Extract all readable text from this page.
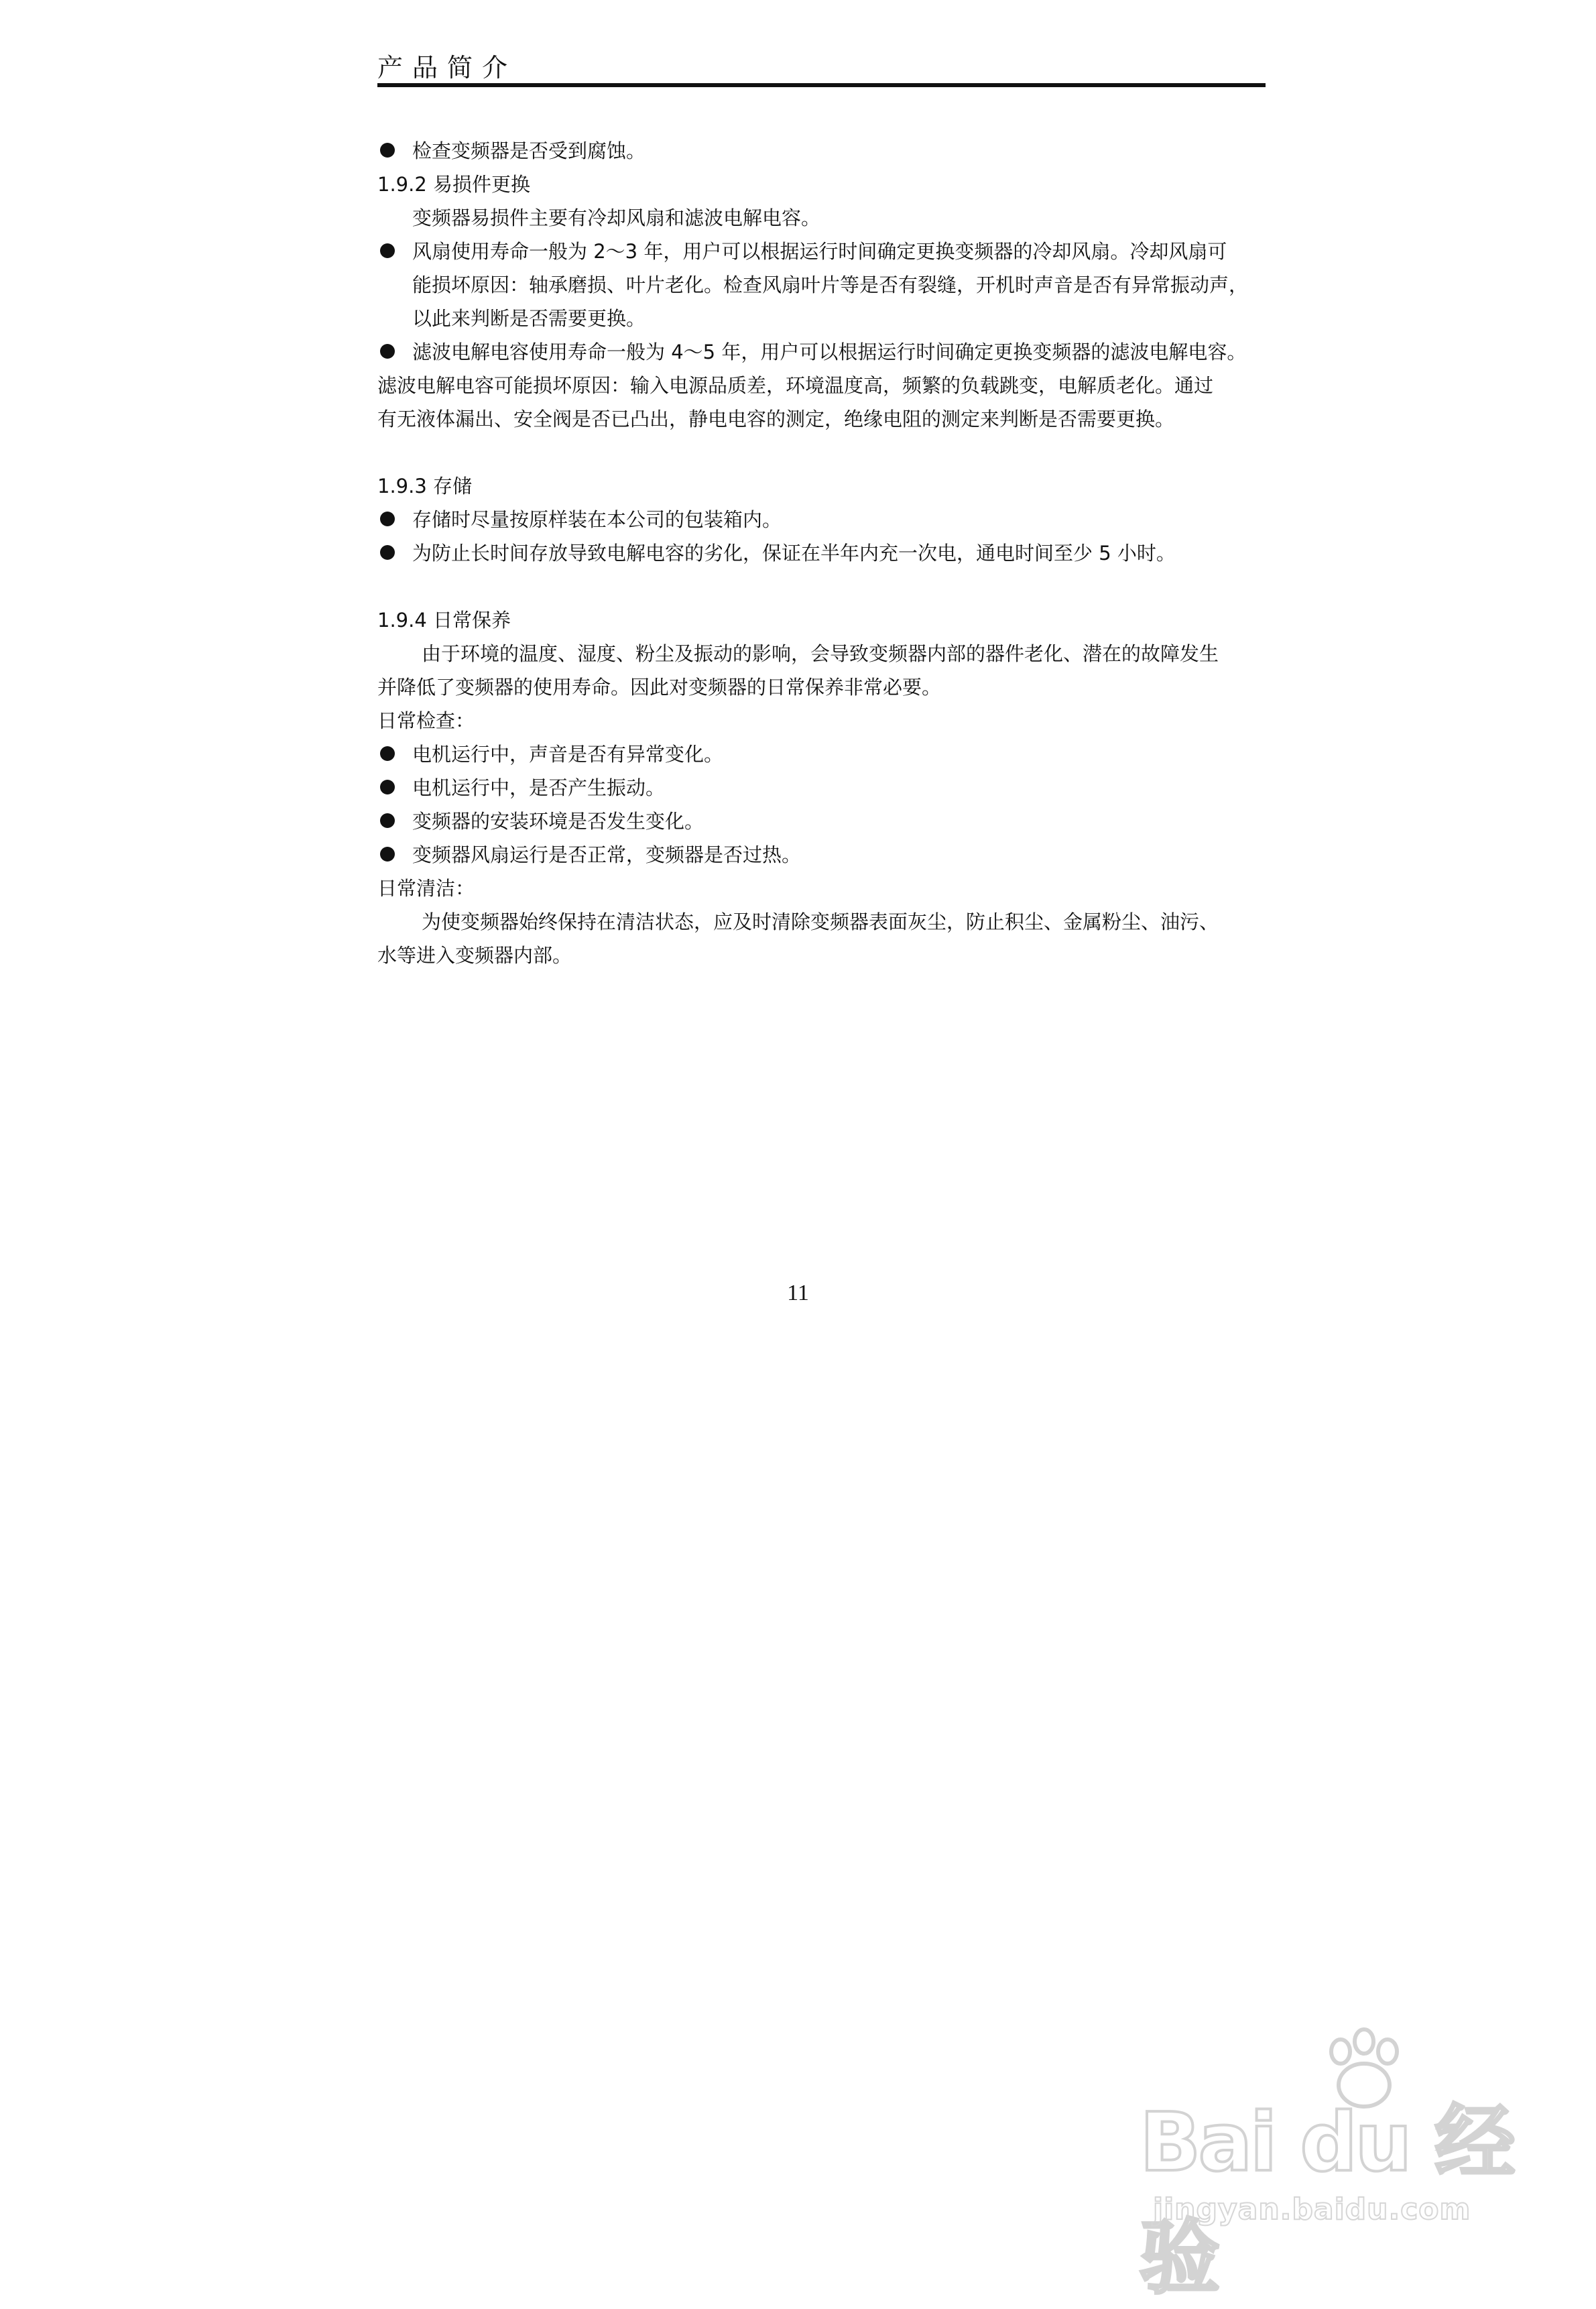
产品简介
检查变频器是否受到腐蚀。
1.9.2 易损件更换
变频器易损件主要有冷却风扇和滤波电解电容。
风扇使用寿命一般为 2～3 年，用户可以根据运行时间确定更换变频器的冷却风扇。冷却风扇可
能损坏原因：轴承磨损、叶片老化。检查风扇叶片等是否有裂缝，开机时声音是否有异常振动声，
以此来判断是否需要更换。
滤波电解电容使用寿命一般为 4～5 年，用户可以根据运行时间确定更换变频器的滤波电解电容。
滤波电解电容可能损坏原因：输入电源品质差，环境温度高，频繁的负载跳变，电解质老化。通过
有无液体漏出、安全阀是否已凸出，静电电容的测定，绝缘电阻的测定来判断是否需要更换。
1.9.3 存储
存储时尽量按原样装在本公司的包装箱内。
为防止长时间存放导致电解电容的劣化，保证在半年内充一次电，通电时间至少 5 小时。
1.9.4 日常保养
由于环境的温度、湿度、粉尘及振动的影响，会导致变频器内部的器件老化、潜在的故障发生
并降低了变频器的使用寿命。因此对变频器的日常保养非常必要。
日常检查：
电机运行中，声音是否有异常变化。
电机运行中，是否产生振动。
变频器的安装环境是否发生变化。
变频器风扇运行是否正常，变频器是否过热。
日常清洁：
为使变频器始终保持在清洁状态，应及时清除变频器表面灰尘，防止积尘、金属粉尘、油污、
水等进入变频器内部。
11
Bai du 经验
jingyan.baidu.com
